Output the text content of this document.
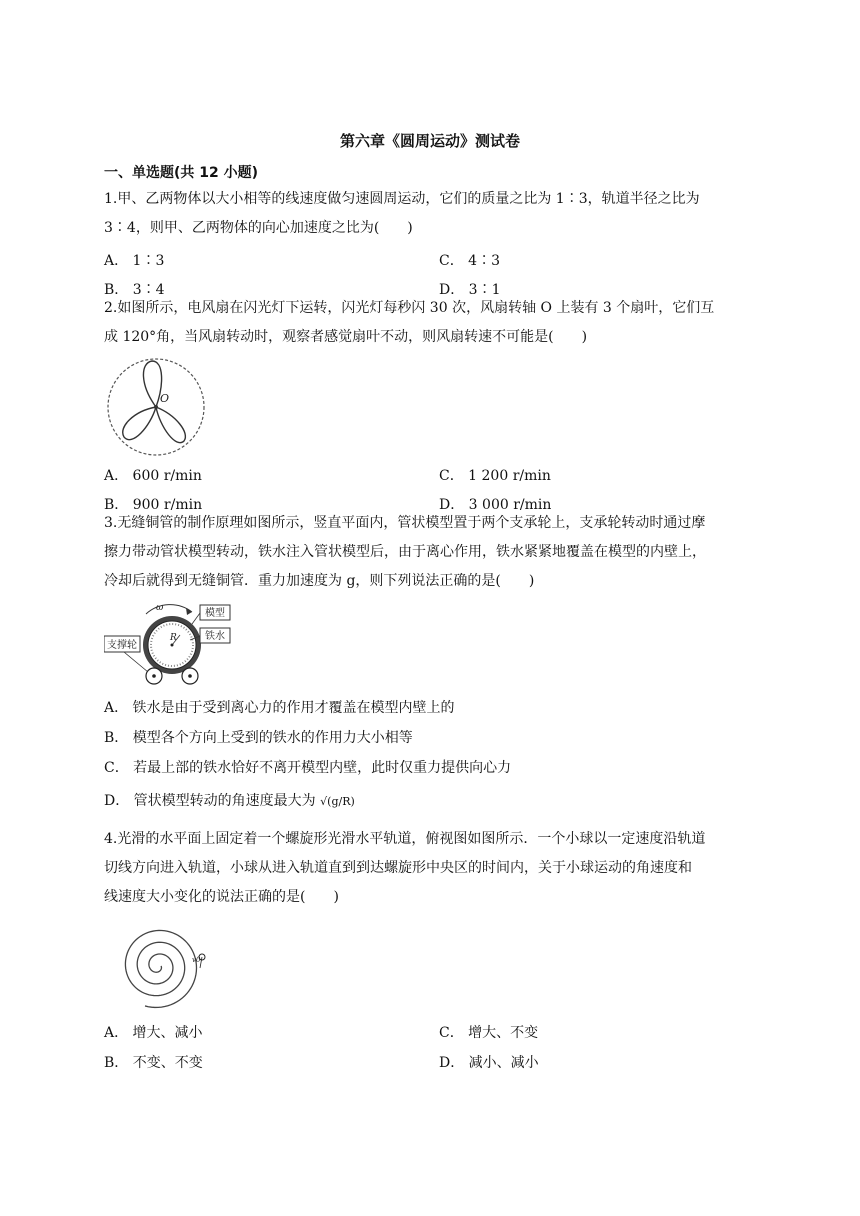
第六章《圆周运动》测试卷
一、单选题(共 12 小题)
1.甲、乙两物体以大小相等的线速度做匀速圆周运动，它们的质量之比为 1∶3，轨道半径之比为
3∶4，则甲、乙两物体的向心加速度之比为(　　)
A． 1∶3	C． 4∶3
B． 3∶4	D． 3∶1
2.如图所示，电风扇在闪光灯下运转，闪光灯每秒闪 30 次，风扇转轴 O 上装有 3 个扇叶，它们互
成 120°角，当风扇转动时，观察者感觉扇叶不动，则风扇转速不可能是(　　)
O
A． 600 r/min	C． 1 200 r/min
B． 900 r/min	D． 3 000 r/min
3.无缝铜管的制作原理如图所示，竖直平面内，管状模型置于两个支承轮上，支承轮转动时通过摩
擦力带动管状模型转动，铁水注入管状模型后，由于离心作用，铁水紧紧地覆盖在模型的内壁上，
冷却后就得到无缝铜管．重力加速度为 g，则下列说法正确的是(　　)
ω
R
模型
铁水
支撑轮
A． 铁水是由于受到离心力的作用才覆盖在模型内壁上的
B． 模型各个方向上受到的铁水的作用力大小相等
C． 若最上部的铁水恰好不离开模型内壁，此时仅重力提供向心力
D． 管状模型转动的角速度最大为 √(g/R)
4.光滑的水平面上固定着一个螺旋形光滑水平轨道，俯视图如图所示．一个小球以一定速度沿轨道
切线方向进入轨道，小球从进入轨道直到到达螺旋形中央区的时间内，关于小球运动的角速度和
线速度大小变化的说法正确的是(　　)
v0
A． 增大、减小	C． 增大、不变
B． 不变、不变	D． 减小、减小
